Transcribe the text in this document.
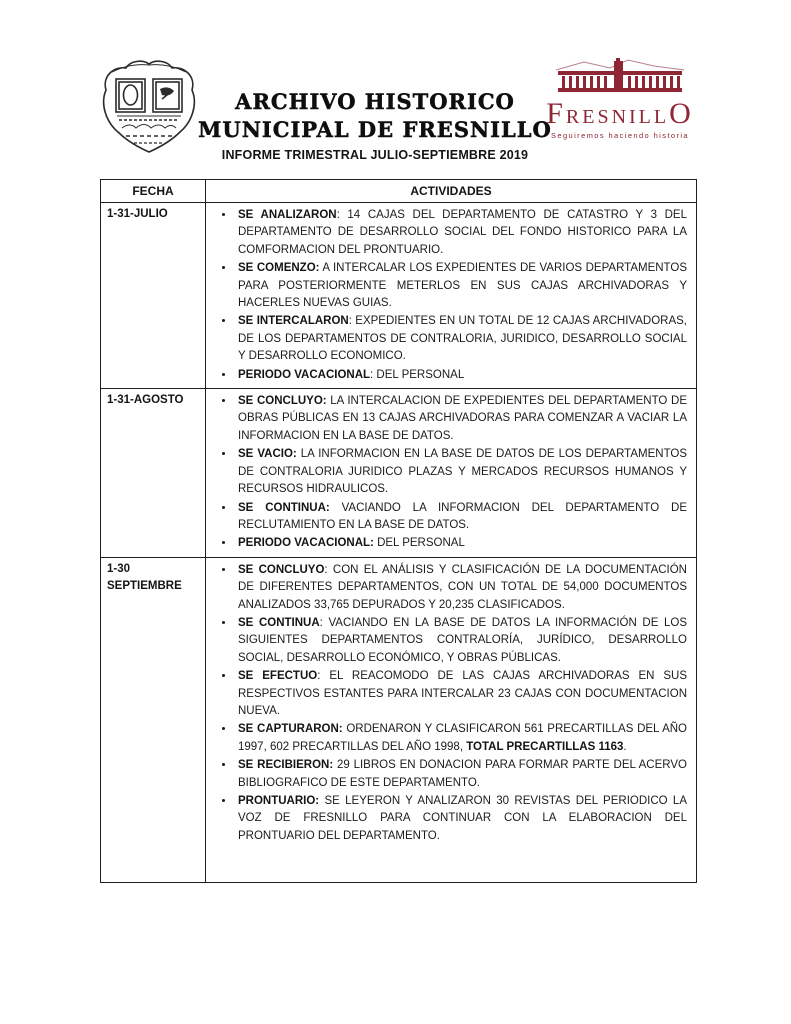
ARCHIVO HISTORICO
MUNICIPAL DE FRESNILLO
INFORME TRIMESTRAL JULIO-SEPTIEMBRE 2019
FRESNILLO
Seguiremos haciendo historia
FECHA	ACTIVIDADES
1-31-JULIO	
•SE ANALIZARON: 14 CAJAS DEL DEPARTAMENTO DE CATASTRO Y 3 DEL DEPARTAMENTO DE DESARROLLO SOCIAL DEL FONDO HISTORICO PARA LA COMFORMACION DEL PRONTUARIO.
• SE COMENZO: A INTERCALAR LOS EXPEDIENTES DE VARIOS DEPARTAMENTOS PARA POSTERIORMENTE METERLOS EN SUS CAJAS ARCHIVADORAS Y HACERLES NUEVAS GUIAS.
• SE INTERCALARON: EXPEDIENTES EN UN TOTAL DE 12 CAJAS ARCHIVADORAS, DE LOS DEPARTAMENTOS DE CONTRALORIA, JURIDICO, DESARROLLO SOCIAL Y DESARROLLO ECONOMICO.
• PERIODO VACACIONAL: DEL PERSONAL

1-31-AGOSTO	
•SE CONCLUYO: LA INTERCALACION DE EXPEDIENTES DEL DEPARTAMENTO DE OBRAS PÚBLICAS EN 13 CAJAS ARCHIVADORAS PARA COMENZAR A VACIAR LA INFORMACION EN LA BASE DE DATOS.
• SE VACIO: LA INFORMACION EN LA BASE DE DATOS DE LOS DEPARTAMENTOS DE CONTRALORIA JURIDICO PLAZAS Y MERCADOS RECURSOS HUMANOS Y RECURSOS HIDRAULICOS.
• SE CONTINUA: VACIANDO LA INFORMACION DEL DEPARTAMENTO DE RECLUTAMIENTO EN LA BASE DE DATOS.
• PERIODO VACACIONAL: DEL PERSONAL

1-30 SEPTIEMBRE	
• SE CONCLUYO: CON EL ANÁLISIS Y CLASIFICACIÓN DE LA DOCUMENTACIÓN DE DIFERENTES DEPARTAMENTOS, CON UN TOTAL DE 54,000 DOCUMENTOS ANALIZADOS 33,765 DEPURADOS Y 20,235 CLASIFICADOS.
• SE CONTINUA: VACIANDO EN LA BASE DE DATOS LA INFORMACIÓN DE LOS SIGUIENTES DEPARTAMENTOS CONTRALORÍA, JURÍDICO, DESARROLLO SOCIAL, DESARROLLO ECONÓMICO, Y OBRAS PÚBLICAS.
• SE EFECTUO: EL REACOMODO DE LAS CAJAS ARCHIVADORAS EN SUS RESPECTIVOS ESTANTES PARA INTERCALAR 23 CAJAS CON DOCUMENTACION NUEVA.
• SE CAPTURARON: ORDENARON Y CLASIFICARON 561 PRECARTILLAS DEL AÑO 1997, 602 PRECARTILLAS DEL AÑO 1998, TOTAL PRECARTILLAS 1163.
• SE RECIBIERON: 29 LIBROS EN DONACION PARA FORMAR PARTE DEL ACERVO BIBLIOGRAFICO DE ESTE DEPARTAMENTO.
• PRONTUARIO: SE LEYERON Y ANALIZARON 30 REVISTAS DEL PERIODICO LA VOZ DE FRESNILLO PARA CONTINUAR CON LA ELABORACION DEL PRONTUARIO DEL DEPARTAMENTO.
